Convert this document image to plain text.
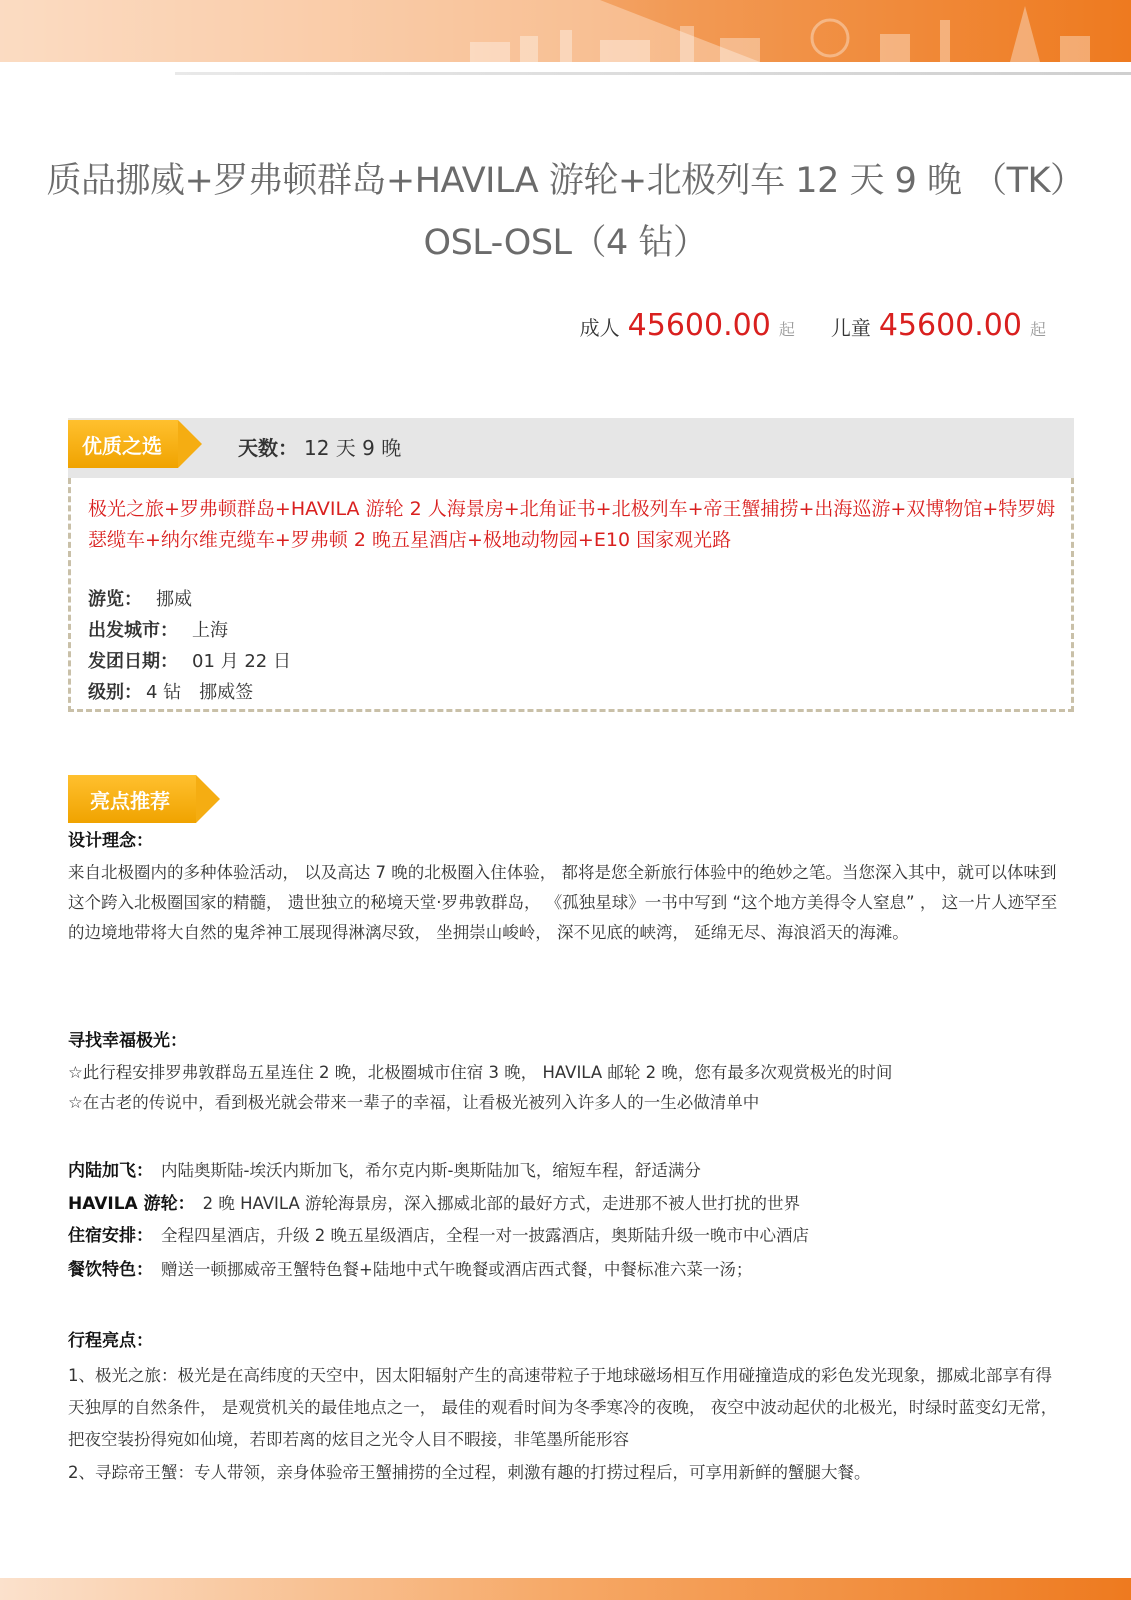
质品挪威+罗弗顿群岛+HAVILA 游轮+北极列车 12 天 9 晚 （TK）
OSL-OSL（4 钻）
成人 45600.00 起 儿童 45600.00 起
优质之选	天数： 12 天 9 晚
极光之旅+罗弗顿群岛+HAVILA 游轮 2 人海景房+北角证书+北极列车+帝王蟹捕捞+出海巡游+双博物馆+特罗姆瑟缆车+纳尔维克缆车+罗弗顿 2 晚五星酒店+极地动物园+E10 国家观光路
游览： 挪威
出发城市： 上海
发团日期： 01 月 22 日
级别： 4 钻　挪威签
亮点推荐
设计理念：
来自北极圈内的多种体验活动， 以及高达 7 晚的北极圈入住体验， 都将是您全新旅行体验中的绝妙之笔。当您深入其中，就可以体味到这个跨入北极圈国家的精髓， 遗世独立的秘境天堂·罗弗敦群岛， 《孤独星球》一书中写到 “这个地方美得令人窒息” ， 这一片人迹罕至的边境地带将大自然的鬼斧神工展现得淋漓尽致， 坐拥崇山峻岭， 深不见底的峡湾， 延绵无尽、海浪滔天的海滩。
寻找幸福极光：
☆此行程安排罗弗敦群岛五星连住 2 晚，北极圈城市住宿 3 晚， HAVILA 邮轮 2 晚，您有最多次观赏极光的时间
☆在古老的传说中，看到极光就会带来一辈子的幸福，让看极光被列入许多人的一生必做清单中
内陆加飞： 内陆奥斯陆-埃沃内斯加飞，希尔克内斯-奥斯陆加飞，缩短车程，舒适满分
HAVILA 游轮： 2 晚 HAVILA 游轮海景房，深入挪威北部的最好方式，走进那不被人世打扰的世界
住宿安排： 全程四星酒店，升级 2 晚五星级酒店，全程一对一披露酒店，奥斯陆升级一晚市中心酒店
餐饮特色： 赠送一顿挪威帝王蟹特色餐+陆地中式午晚餐或酒店西式餐，中餐标准六菜一汤；
行程亮点：
1、极光之旅：极光是在高纬度的天空中，因太阳辐射产生的高速带粒子于地球磁场相互作用碰撞造成的彩色发光现象，挪威北部享有得天独厚的自然条件， 是观赏机关的最佳地点之一， 最佳的观看时间为冬季寒冷的夜晚， 夜空中波动起伏的北极光，时绿时蓝变幻无常，把夜空装扮得宛如仙境，若即若离的炫目之光令人目不暇接，非笔墨所能形容
2、寻踪帝王蟹：专人带领，亲身体验帝王蟹捕捞的全过程，刺激有趣的打捞过程后，可享用新鲜的蟹腿大餐。
